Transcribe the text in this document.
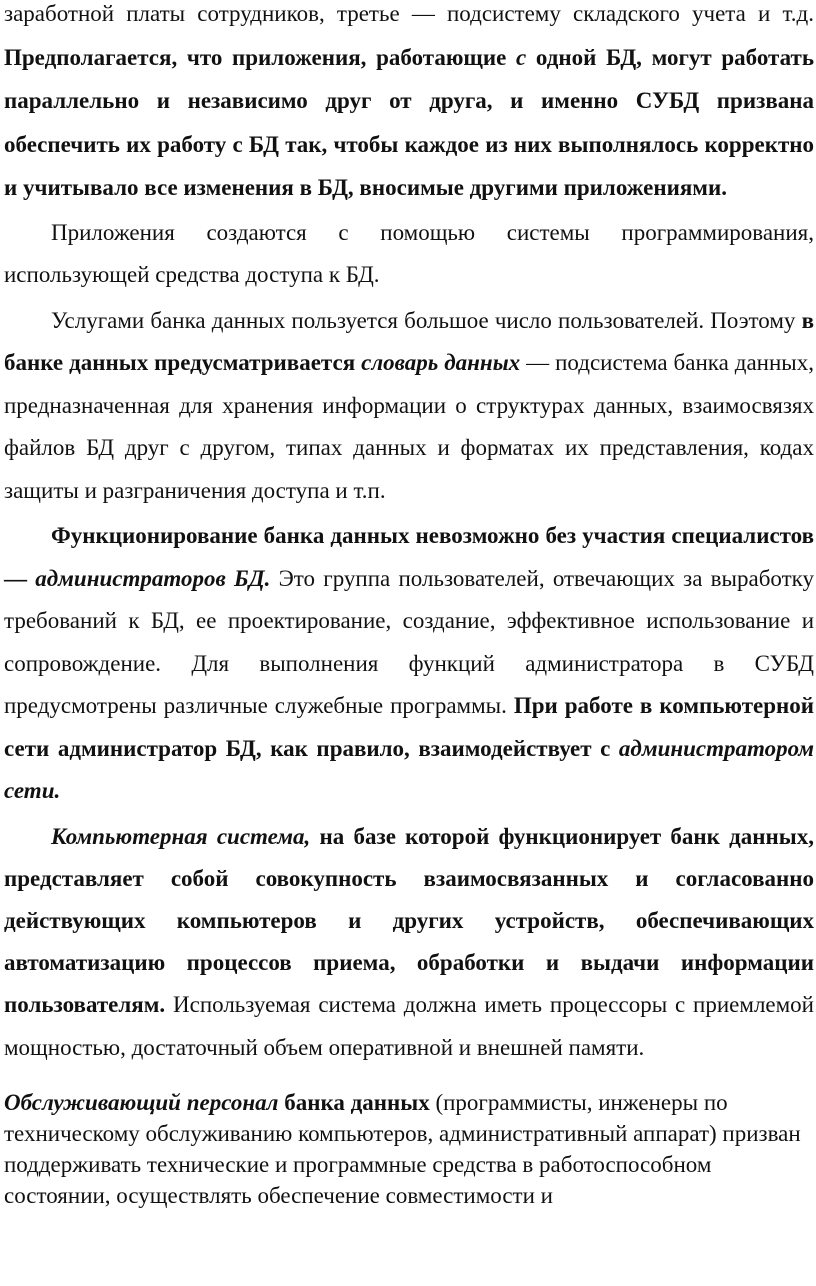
заработной платы сотрудников, третье — подсистему складского учета и т.д. Предполагается, что приложения, работающие с одной БД, могут работать параллельно и независимо друг от друга, и именно СУБД призвана обеспечить их работу с БД так, чтобы каждое из них выполнялось корректно и учитывало все изменения в БД, вносимые другими приложениями.

Приложения создаются с помощью системы программирования, использующей средства доступа к БД.

Услугами банка данных пользуется большое число пользователей. Поэтому в банке данных предусматривается словарь данных — подсистема банка данных, предназначенная для хранения информации о структурах данных, взаимосвязях файлов БД друг с другом, типах данных и форматах их представления, кодах защиты и разграничения доступа и т.п.

Функционирование банка данных невозможно без участия специалистов — администраторов БД. Это группа пользователей, отвечающих за выработку требований к БД, ее проектирование, создание, эффективное использование и сопровождение. Для выполнения функций администратора в СУБД предусмотрены различные служебные программы. При работе в компьютерной сети администратор БД, как правило, взаимодействует с администратором сети.

Компьютерная система, на базе которой функционирует банк данных, представляет собой совокупность взаимосвязанных и согласованно действующих компьютеров и других устройств, обеспечивающих автоматизацию процессов приема, обработки и выдачи информации пользователям. Используемая система должна иметь процессоры с приемлемой мощностью, достаточный объем оперативной и внешней памяти.

Обслуживающий персонал банка данных (программисты, инженеры по техническому обслуживанию компьютеров, административный аппарат) призван поддерживать технические и программные средства в работоспособном состоянии, осуществлять обеспечение совместимости и
